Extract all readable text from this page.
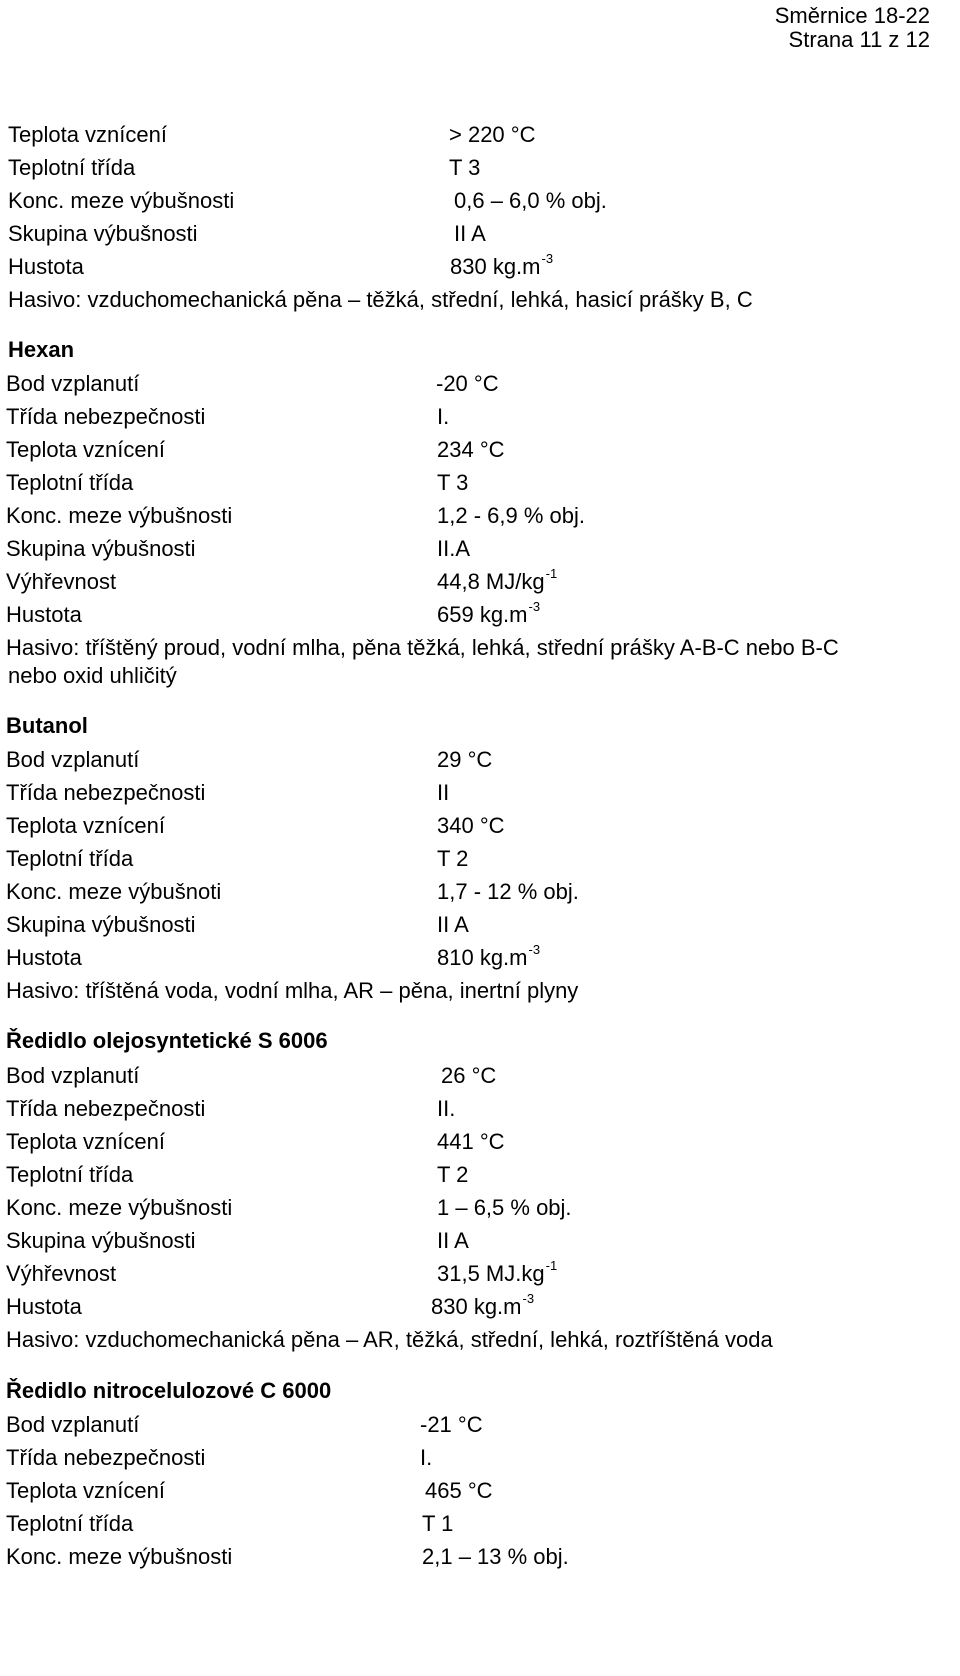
Směrnice 18-22
Strana 11 z 12
Teplota vznícení	> 220 °C
Teplotní třída	T 3
Konc. meze výbušnosti	0,6 – 6,0 % obj.
Skupina výbušnosti	II A
Hustota	830 $kg.m^{-3}$
Hasivo: vzduchomechanická pěna – těžká, střední, lehká, hasicí prášky B, C
Hexan
Bod vzplanutí	-20 °C
Třída nebezpečnosti	I.
Teplota vznícení	234 °C
Teplotní třída	T 3
Konc. meze výbušnosti	1,2 - 6,9 % obj.
Skupina výbušnosti	II.A
Výhřevnost	44,8 $MJ/kg^{-1}$
Hustota	659 $kg.m^{-3}$
Hasivo: tříštěný proud, vodní mlha, pěna těžká, lehká, střední prášky A-B-C nebo B-C
nebo oxid uhličitý
Butanol
Bod vzplanutí	29 °C
Třída nebezpečnosti	II
Teplota vznícení	340 °C
Teplotní třída	T 2
Konc. meze výbušnoti	1,7 - 12 % obj.
Skupina výbušnosti	II A
Hustota	810 $kg.m^{-3}$
Hasivo: tříštěná voda, vodní mlha, AR – pěna, inertní plyny
Ředidlo olejosyntetické S 6006
Bod vzplanutí	26 °C
Třída nebezpečnosti	II.
Teplota vznícení	441 °C
Teplotní třída	T 2
Konc. meze výbušnosti	1 – 6,5 % obj.
Skupina výbušnosti	II A
Výhřevnost	31,5 $MJ.kg^{-1}$
Hustota	830 $kg.m^{-3}$
Hasivo: vzduchomechanická pěna – AR, těžká, střední, lehká, roztříštěná voda
Ředidlo nitrocelulozové C 6000
Bod vzplanutí	-21 °C
Třída nebezpečnosti	I.
Teplota vznícení	465 °C
Teplotní třída	T 1
Konc. meze výbušnosti	2,1 – 13 % obj.
